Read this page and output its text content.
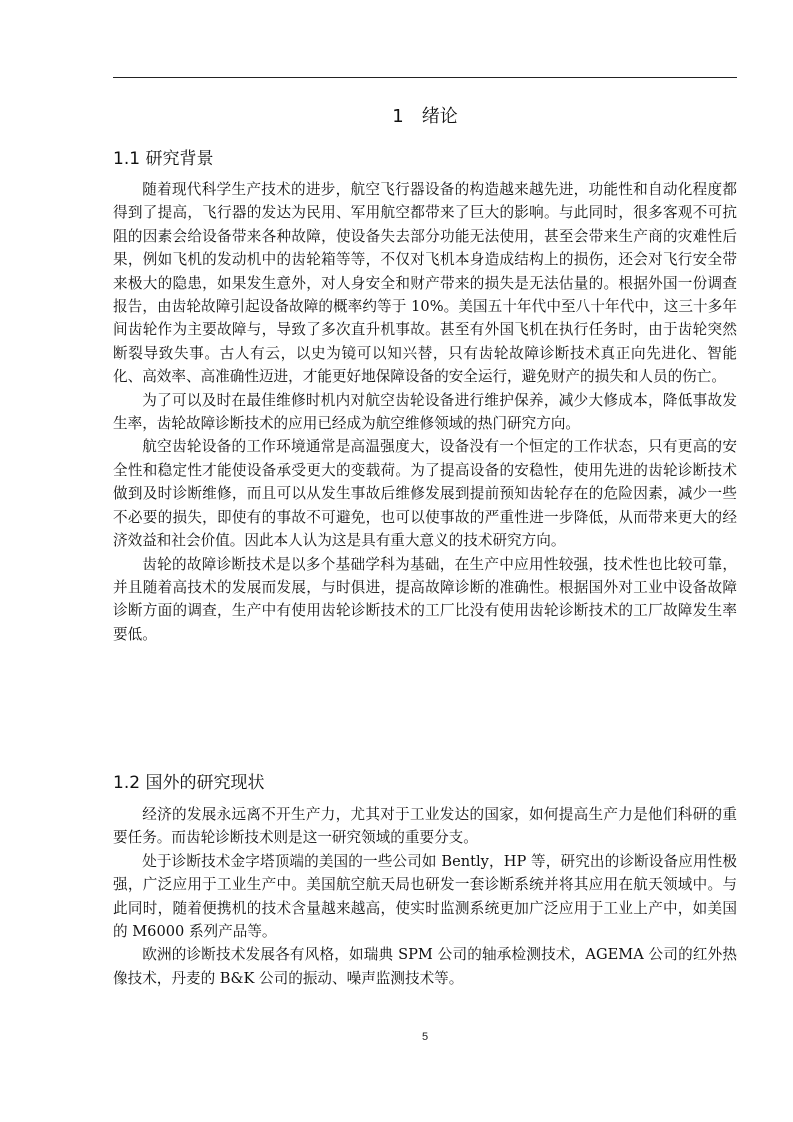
1　绪论
1.1 研究背景

随着现代科学生产技术的进步，航空飞行器设备的构造越来越先进，功能性和自动化程度都得到了提高，飞行器的发达为民用、军用航空都带来了巨大的影响。与此同时，很多客观不可抗阻的因素会给设备带来各种故障，使设备失去部分功能无法使用，甚至会带来生产商的灾难性后果，例如飞机的发动机中的齿轮箱等等，不仅对飞机本身造成结构上的损伤，还会对飞行安全带来极大的隐患，如果发生意外，对人身安全和财产带来的损失是无法估量的。根据外国一份调查报告，由齿轮故障引起设备故障的概率约等于 10%。美国五十年代中至八十年代中，这三十多年间齿轮作为主要故障与，导致了多次直升机事故。甚至有外国飞机在执行任务时，由于齿轮突然断裂导致失事。古人有云，以史为镜可以知兴替，只有齿轮故障诊断技术真正向先进化、智能化、高效率、高准确性迈进，才能更好地保障设备的安全运行，避免财产的损失和人员的伤亡。

为了可以及时在最佳维修时机内对航空齿轮设备进行维护保养，减少大修成本，降低事故发生率，齿轮故障诊断技术的应用已经成为航空维修领域的热门研究方向。

航空齿轮设备的工作环境通常是高温强度大，设备没有一个恒定的工作状态，只有更高的安全性和稳定性才能使设备承受更大的变载荷。为了提高设备的安稳性，使用先进的齿轮诊断技术做到及时诊断维修，而且可以从发生事故后维修发展到提前预知齿轮存在的危险因素，减少一些不必要的损失，即使有的事故不可避免，也可以使事故的严重性进一步降低，从而带来更大的经济效益和社会价值。因此本人认为这是具有重大意义的技术研究方向。

齿轮的故障诊断技术是以多个基础学科为基础，在生产中应用性较强，技术性也比较可靠，并且随着高技术的发展而发展，与时俱进，提高故障诊断的准确性。根据国外对工业中设备故障诊断方面的调查，生产中有使用齿轮诊断技术的工厂比没有使用齿轮诊断技术的工厂故障发生率要低。

1.2 国外的研究现状

经济的发展永远离不开生产力，尤其对于工业发达的国家，如何提高生产力是他们科研的重要任务。而齿轮诊断技术则是这一研究领域的重要分支。

处于诊断技术金字塔顶端的美国的一些公司如 Bently，HP 等，研究出的诊断设备应用性极强，广泛应用于工业生产中。美国航空航天局也研发一套诊断系统并将其应用在航天领域中。与此同时，随着便携机的技术含量越来越高，使实时监测系统更加广泛应用于工业上产中，如美国的 M6000 系列产品等。

欧洲的诊断技术发展各有风格，如瑞典 SPM 公司的轴承检测技术，AGEMA 公司的红外热像技术，丹麦的 B&K 公司的振动、噪声监测技术等。

5
